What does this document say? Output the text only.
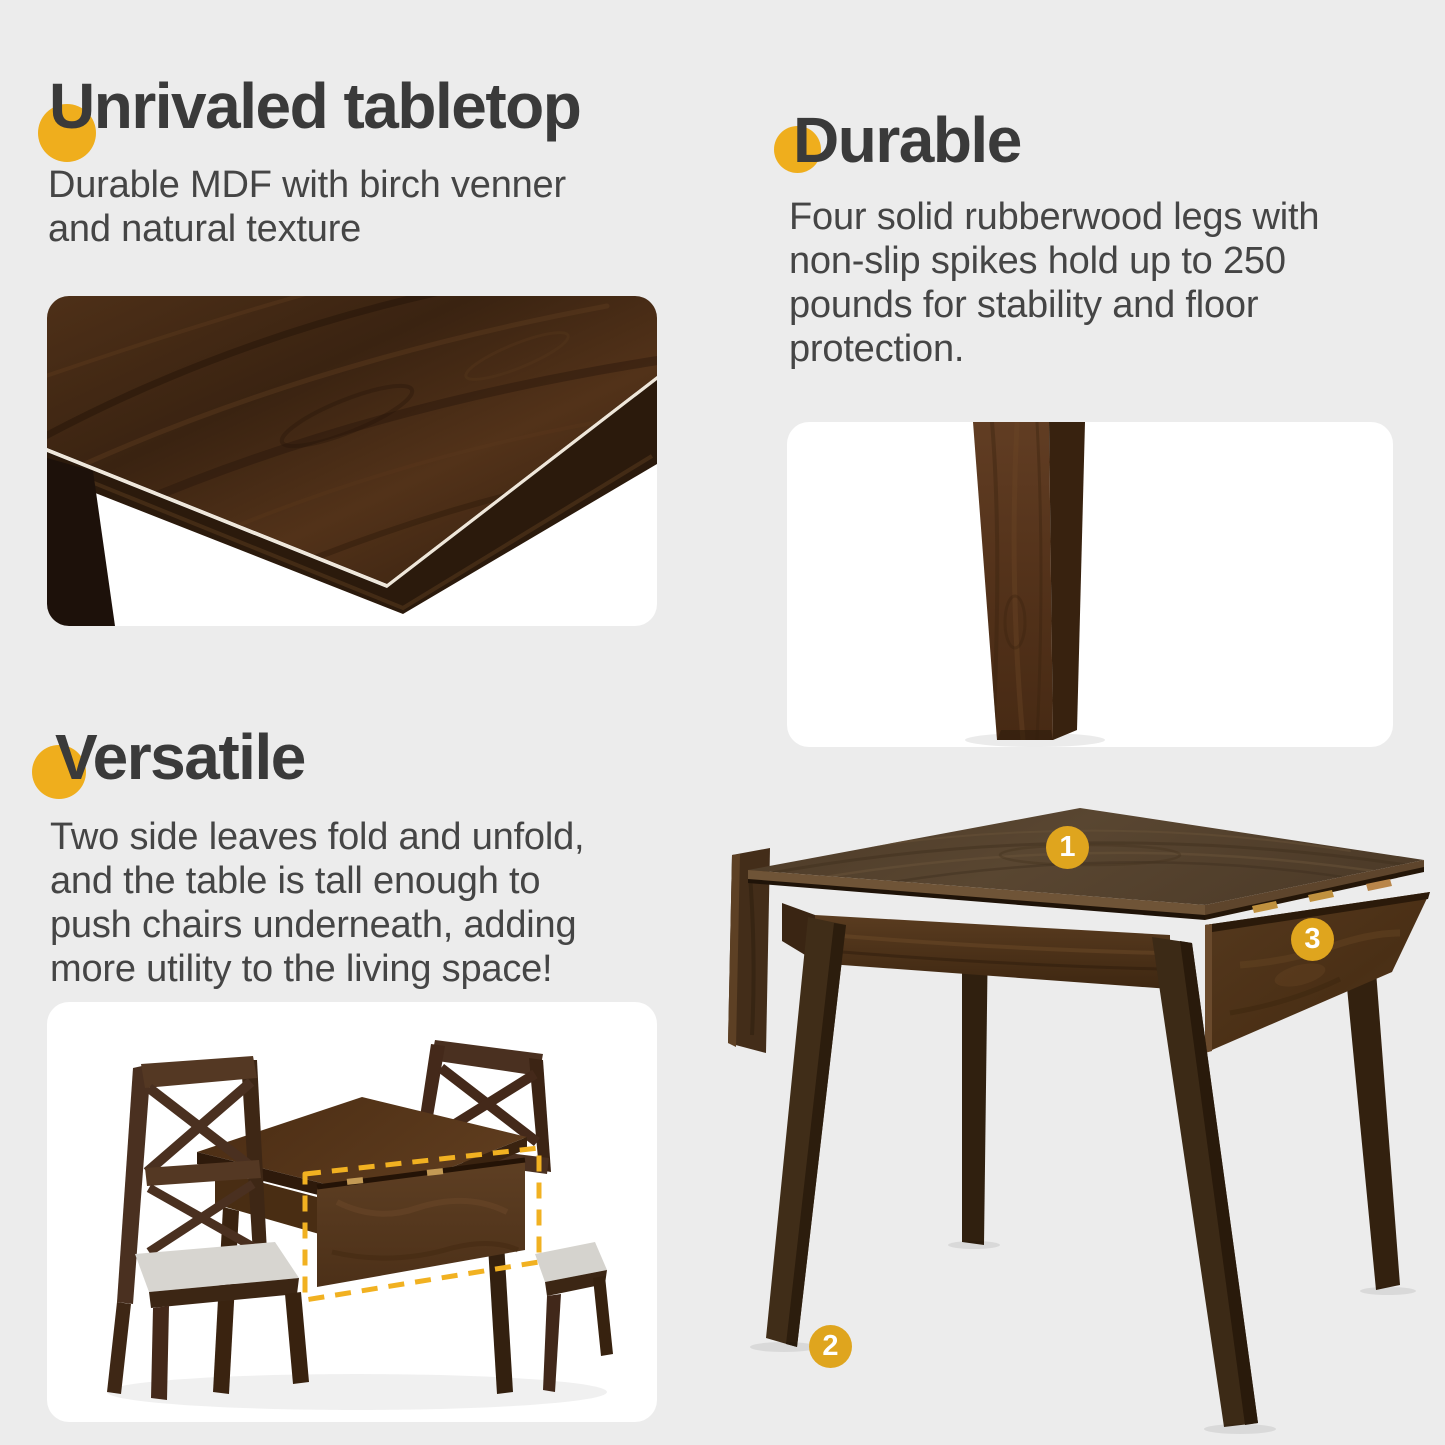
Unrivaled tabletop
Durable MDF with birch venner
and natural texture
Durable
Four solid rubberwood legs with
non-slip spikes hold up to 250
pounds for stability and floor
protection.
Versatile
Two side leaves fold and unfold,
and the table is tall enough to
push chairs underneath, adding
more utility to the living space!
1
2
3
